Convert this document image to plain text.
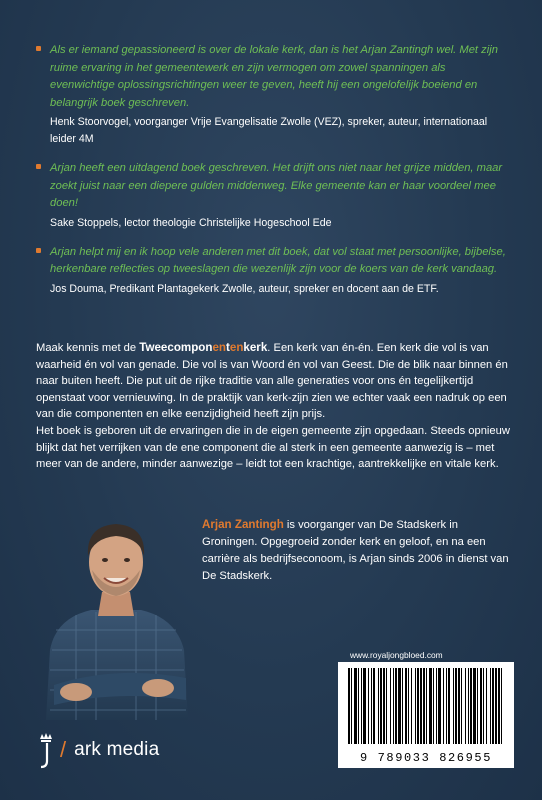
Als er iemand gepassioneerd is over de lokale kerk, dan is het Arjan Zantingh wel. Met zijn ruime ervaring in het gemeentewerk en zijn vermogen om zowel spanningen als evenwichtige oplossingsrichtingen weer te geven, heeft hij een ongelofelijk boeiend en belangrijk boek geschreven.
Henk Stoorvogel, voorganger Vrije Evangelisatie Zwolle (VEZ), spreker, auteur, internationaal leider 4M
Arjan heeft een uitdagend boek geschreven. Het drijft ons niet naar het grijze midden, maar zoekt juist naar een diepere gulden middenweg. Elke gemeente kan er haar voordeel mee doen!
Sake Stoppels, lector theologie Christelijke Hogeschool Ede
Arjan helpt mij en ik hoop vele anderen met dit boek, dat vol staat met persoonlijke, bijbelse, herkenbare reflecties op tweeslagen die wezenlijk zijn voor de koers van de kerk vandaag.
Jos Douma, Predikant Plantagekerk Zwolle, auteur, spreker en docent aan de ETF.
Maak kennis met de Tweecomponentenkerk. Een kerk van én-én. Een kerk die vol is van waarheid én vol van genade. Die vol is van Woord én vol van Geest. Die de blik naar binnen én naar buiten heeft. Die put uit de rijke traditie van alle generaties voor ons én tegelijkertijd openstaat voor vernieuwing. In de praktijk van kerk-zijn zien we echter vaak een nadruk op een van die componenten en elke eenzijdigheid heeft zijn prijs.
Het boek is geboren uit de ervaringen die in de eigen gemeente zijn opgedaan. Steeds opnieuw blijkt dat het verrijken van de ene component die al sterk in een gemeente aanwezig is – met meer van de andere, minder aanwezige – leidt tot een krachtige, aantrekkelijke en vitale kerk.
Arjan Zantingh is voorganger van De Stadskerk in Groningen. Opgegroeid zonder kerk en geloof, en na een carrière als bedrijfseconoom, is Arjan sinds 2006 in dienst van De Stadskerk.
/ ark media
www.royaljongbloed.com
9 789033 826955
